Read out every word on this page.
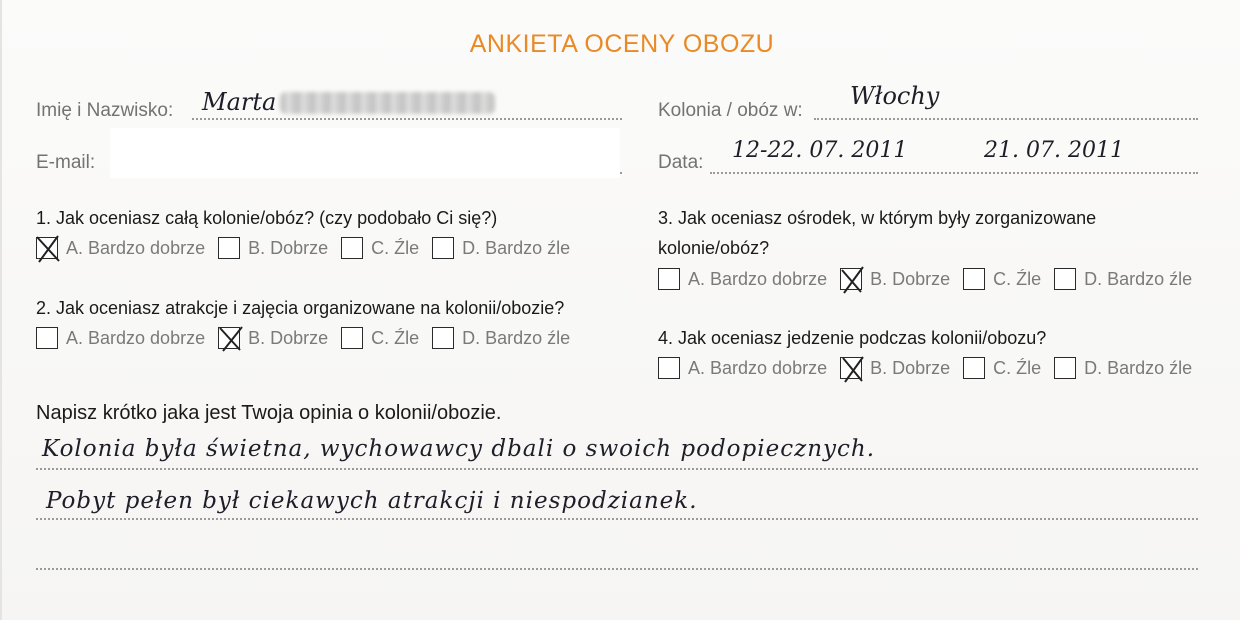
ANKIETA OCENY OBOZU
Imię i Nazwisko: Marta
E-mail:
Kolonia / obóz w:
Włochy
Data: 12-22. 07. 2011	21. 07. 2011
1. Jak oceniasz całą kolonie/obóz? (czy podobało Ci się?)
A. Bardzo dobrze B. Dobrze C. Źle D. Bardzo źle
2. Jak oceniasz atrakcje i zajęcia organizowane na kolonii/obozie?
A. Bardzo dobrze B. Dobrze C. Źle D. Bardzo źle
3. Jak oceniasz ośrodek, w którym były zorganizowane
kolonie/obóz?
A. Bardzo dobrze B. Dobrze C. Źle D. Bardzo źle
4. Jak oceniasz jedzenie podczas kolonii/obozu?
A. Bardzo dobrze B. Dobrze C. Źle D. Bardzo źle
Napisz krótko jaka jest Twoja opinia o kolonii/obozie.
Kolonia była świetna, wychowawcy dbali o swoich podopiecznych.
Pobyt pełen był ciekawych atrakcji i niespodzianek.
